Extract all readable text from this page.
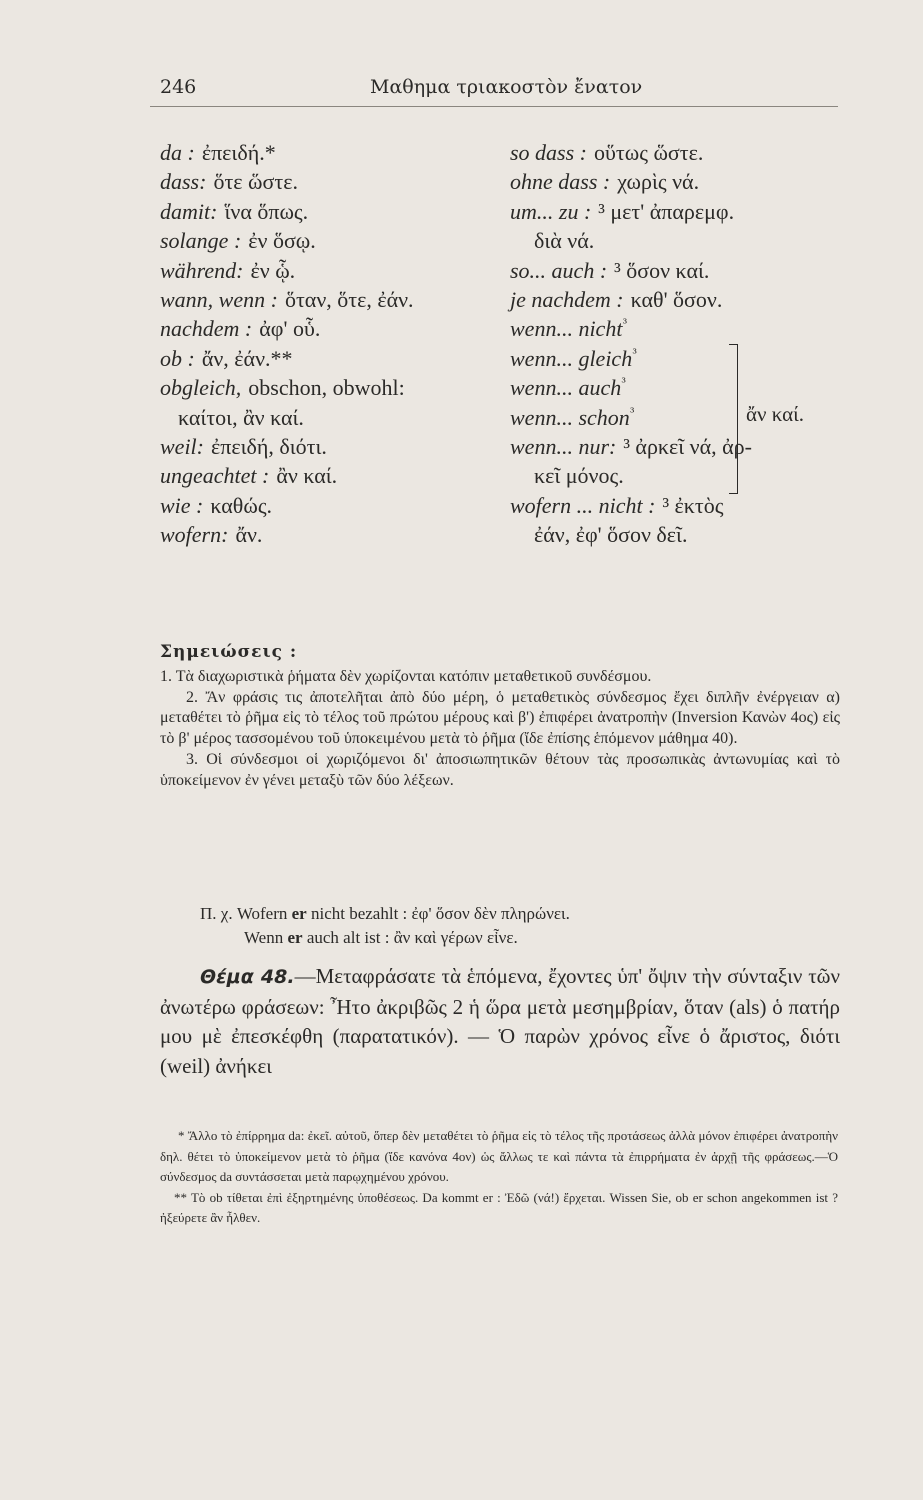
246	Μαθημα τριακοστὸν ἔνατον
da : ἐπειδή.*
dass: ὅτε ὥστε.
damit: ἵνα ὅπως.
solange : ἐν ὅσῳ.
während: ἐν ᾧ.
wann, wenn : ὅταν, ὅτε, ἐάν.
nachdem : ἀφ' οὗ.
ob : ἄν, ἐάν.**
obgleich, obschon, obwohl:
καίτοι, ἂν καί.
weil: ἐπειδή, διότι.
ungeachtet : ἂν καί.
wie : καθώς.
wofern: ἄν.
so dass : οὕτως ὥστε.
ohne dass : χωρὶς νά.
um... zu : ³ μετ' ἀπαρεμφ.
διὰ νά.
so... auch : ³ ὅσον καί.
je nachdem : καθ' ὅσον.
wenn... nicht$^{^3}$
wenn... gleich$^{^3}$
wenn... auch$^{^3}$
wenn... schon$^{^3}$
wenn... nur: ³ ἀρκεῖ νά, ἀρ-
κεῖ μόνος.
wofern ... nicht : ³ ἐκτὸς
ἐάν, ἐφ' ὅσον δεῖ.
ἄν καί.

Σημειώσεις :

1. Τὰ διαχωριστικὰ ῥήματα δὲν χωρίζονται κατόπιν μεταθετικοῦ συνδέσμου.

2. Ἄν φράσις τις ἀποτελῆται ἀπὸ δύο μέρη, ὁ μεταθετικὸς σύνδεσμος ἔχει διπλῆν ἐνέργειαν α) μεταθέτει τὸ ῥῆμα εἰς τὸ τέλος τοῦ πρώτου μέρους καὶ β') ἐπιφέρει ἀνατροπὴν (Inversion Κανὼν 4ος) εἰς τὸ β' μέρος τασσομένου τοῦ ὑποκειμένου μετὰ τὸ ῥῆμα (ἴδε ἐπίσης ἑπόμενον μάθημα 40).

3. Οἱ σύνδεσμοι οἱ χωριζόμενοι δι' ἀποσιωπητικῶν θέτουν τὰς προσωπικὰς ἀντωνυμίας καὶ τὸ ὑποκείμενον ἐν γένει μεταξὺ τῶν δύο λέξεων.

Π. χ. Wofern er nicht bezahlt : ἐφ' ὅσον δὲν πληρώνει.
Wenn er auch alt ist : ἂν καὶ γέρων εἶνε.

Θέμα 48.—Μεταφράσατε τὰ ἑπόμενα, ἔχοντες ὑπ' ὄψιν τὴν σύνταξιν τῶν ἀνωτέρω φράσεων: Ἦτο ἀκριβῶς 2 ἡ ὥρα μετὰ μεσημβρίαν, ὅταν (als) ὁ πατήρ μου μὲ ἐπεσκέφθη (παρατατικόν). — Ὁ παρὼν χρόνος εἶνε ὁ ἄριστος, διότι (weil) ἀνήκει

* Ἄλλο τὸ ἐπίρρημα da: ἐκεῖ. αὐτοῦ, ὅπερ δὲν μεταθέτει τὸ ῥῆμα εἰς τὸ τέλος τῆς προτάσεως ἀλλὰ μόνον ἐπιφέρει ἀνατροπὴν δηλ. θέτει τὸ ὑποκείμενον μετὰ τὸ ῥῆμα (ἴδε κανόνα 4ον) ὡς ἄλλως τε καὶ πάντα τὰ ἐπιρρήματα ἐν ἀρχῇ τῆς φράσεως.—Ὁ σύνδεσμος da συντάσσεται μετὰ παρῳχημένου χρόνου.

** Τὸ ob τίθεται ἐπὶ ἐξηρτημένης ὑποθέσεως. Da kommt er : Ἐδῶ (νά!) ἔρχεται. Wissen Sie, ob er schon angekommen ist ? ἠξεύρετε ἂν ἦλθεν.
